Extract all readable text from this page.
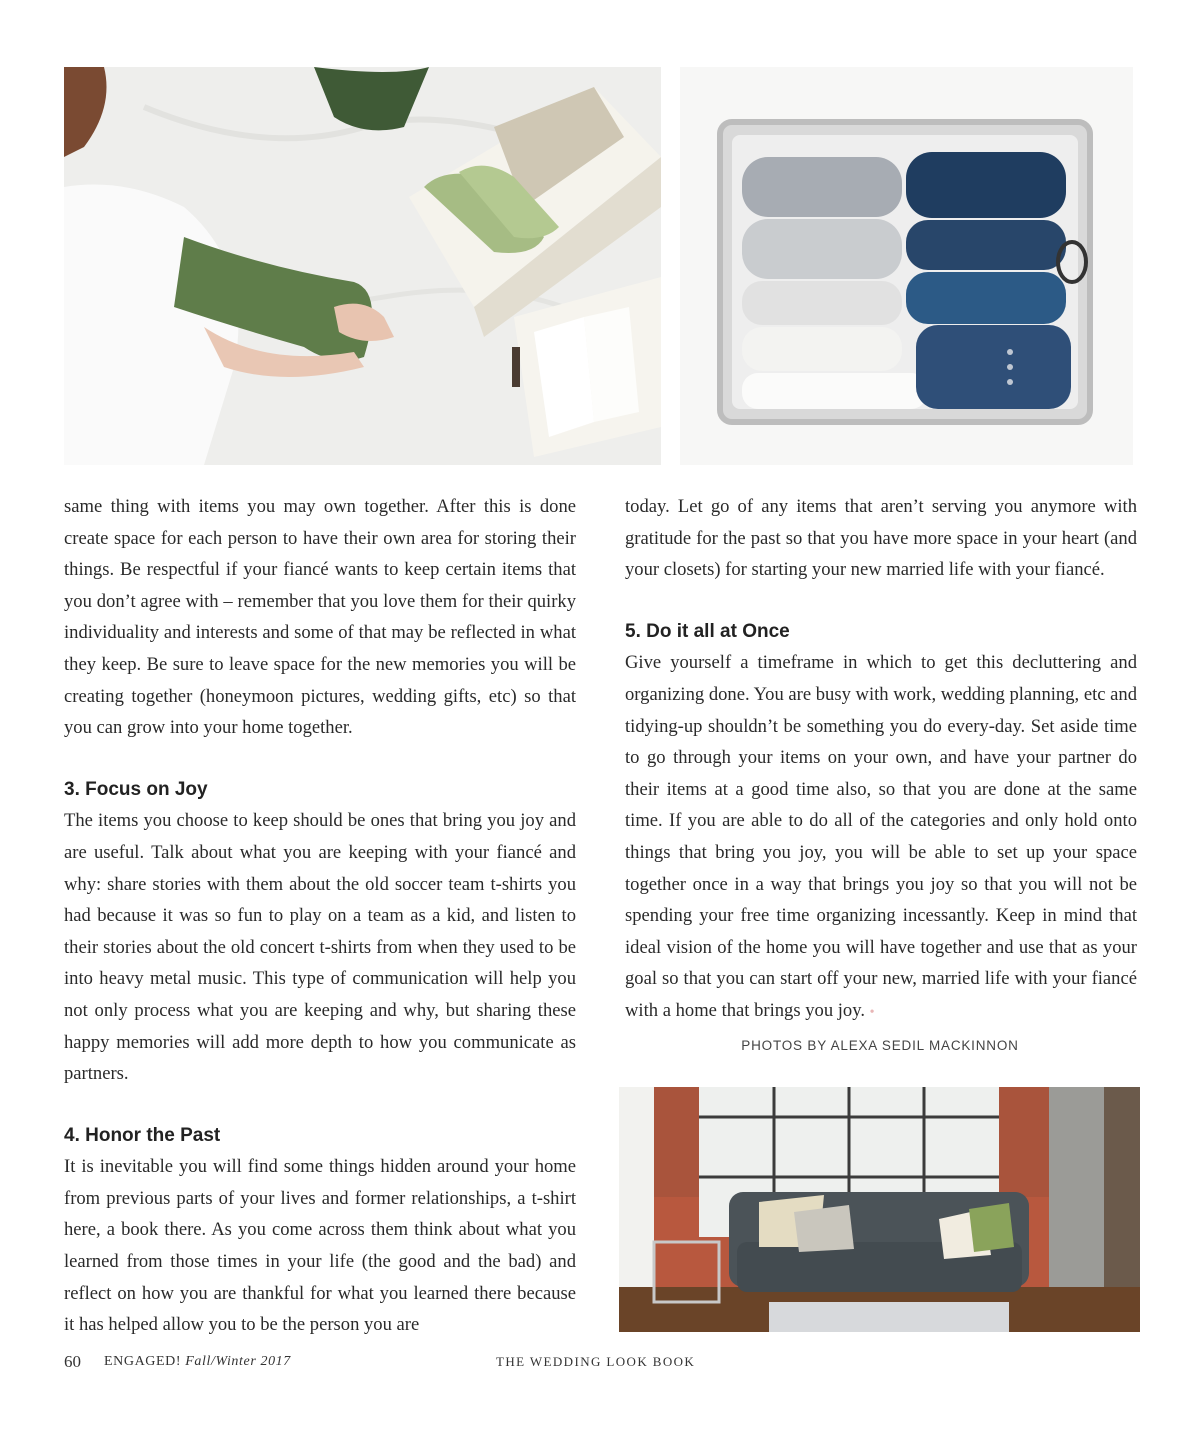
same thing with items you may own together. After this is done create space for each person to have their own area for storing their things. Be respectful if your fiancé wants to keep certain items that you don’t agree with – remember that you love them for their quirky individuality and interests and some of that may be reflected in what they keep. Be sure to leave space for the new memories you will be creating together (honeymoon pictures, wedding gifts, etc) so that you can grow into your home together.

3. Focus on Joy

The items you choose to keep should be ones that bring you joy and are useful. Talk about what you are keeping with your fiancé and why: share stories with them about the old soccer team t-shirts you had because it was so fun to play on a team as a kid, and listen to their stories about the old concert t-shirts from when they used to be into heavy metal music. This type of communication will help you not only process what you are keeping and why, but sharing these happy memories will add more depth to how you communicate as partners.

4. Honor the Past

It is inevitable you will find some things hidden around your home from previous parts of your lives and former relationships, a t-shirt here, a book there. As you come across them think about what you learned from those times in your life (the good and the bad) and reflect on how you are thankful for what you learned there because it has helped allow you to be the person you are

today. Let go of any items that aren’t serving you anymore with gratitude for the past so that you have more space in your heart (and your closets) for starting your new married life with your fiancé.

5. Do it all at Once

Give yourself a timeframe in which to get this decluttering and organizing done. You are busy with work, wedding planning, etc and tidying-up shouldn’t be something you do every-day. Set aside time to go through your items on your own, and have your partner do their items at a good time also, so that you are done at the same time. If you are able to do all of the categories and only hold onto things that bring you joy, you will be able to set up your space together once in a way that brings you joy so that you will not be spending your free time organizing incessantly. Keep in mind that ideal vision of the home you will have together and use that as your goal so that you can start off your new, married life with your fiancé with a home that brings you joy. •

PHOTOS BY ALEXA SEDIL MACKINNON
60 ENGAGED! Fall/Winter 2017	THE WEDDING LOOK BOOK
